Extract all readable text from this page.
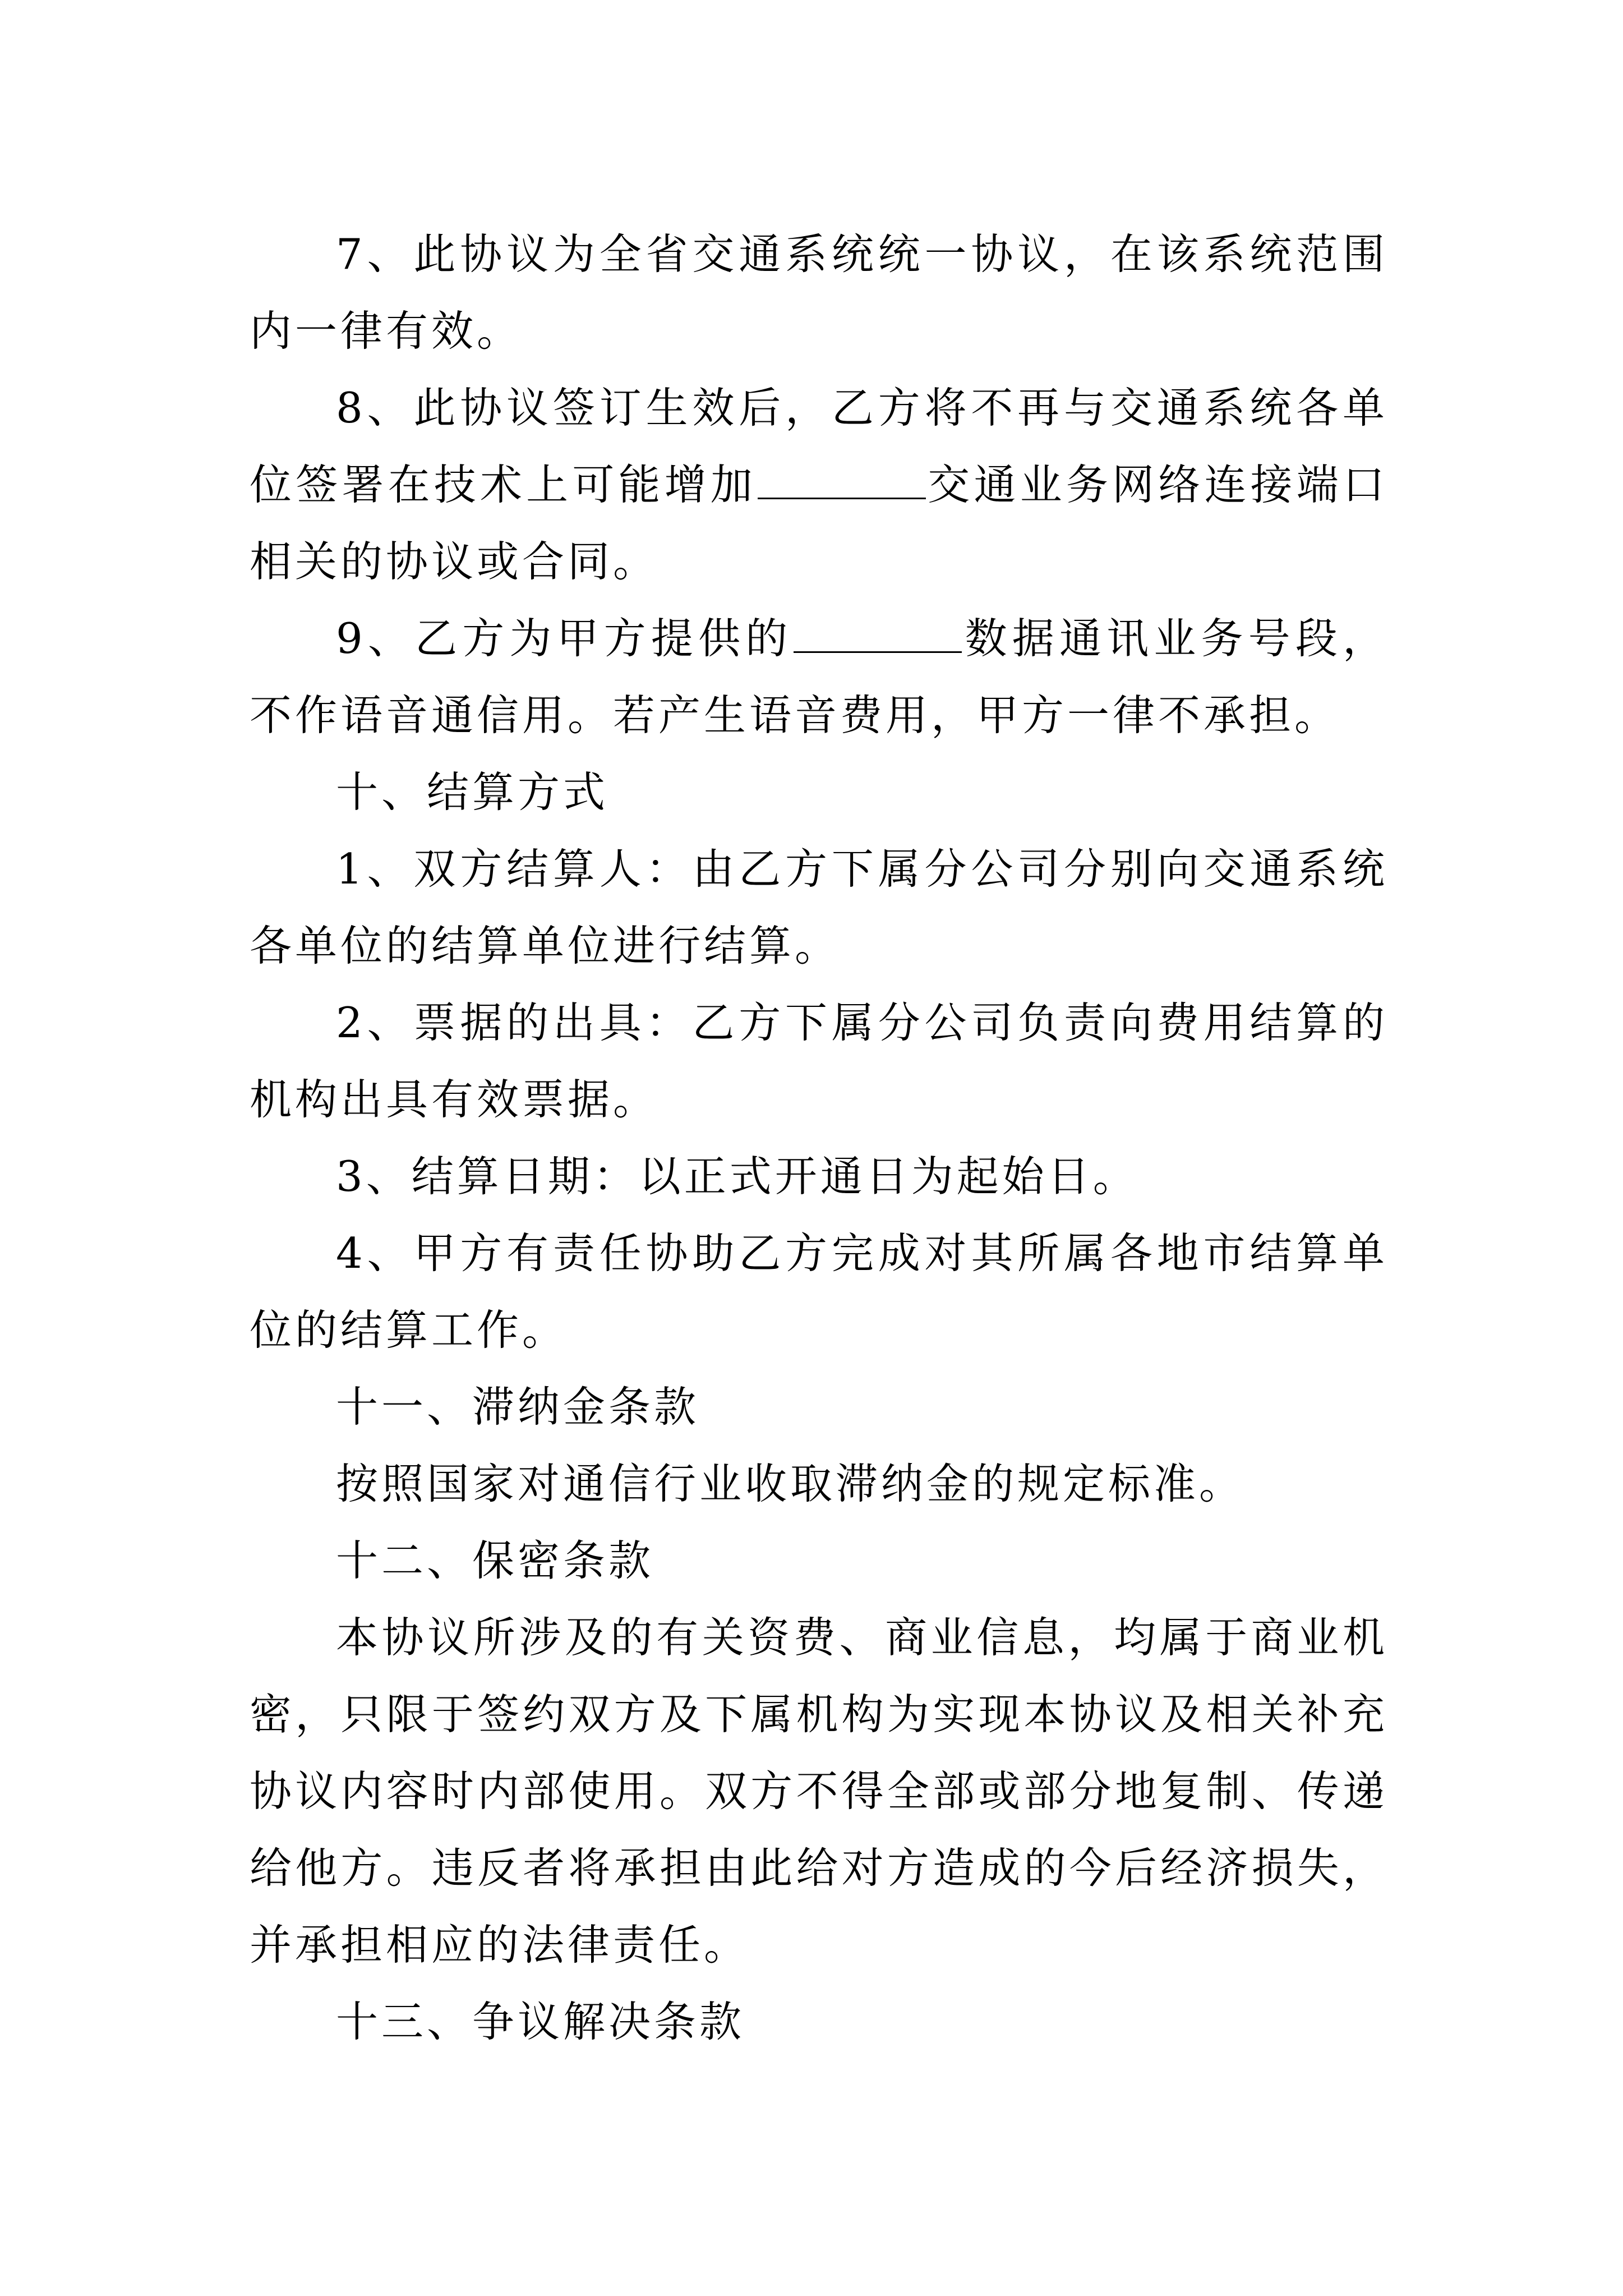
7、此协议为全省交通系统统一协议，在该系统范围内一律有效。

8、此协议签订生效后，乙方将不再与交通系统各单位签署在技术上可能增加	交通业务网络连接端口相关的协议或合同。

9、乙方为甲方提供的	数据通讯业务号段，不作语音通信用。若产生语音费用，甲方一律不承担。

十、结算方式

1、双方结算人：由乙方下属分公司分别向交通系统各单位的结算单位进行结算。

2、票据的出具：乙方下属分公司负责向费用结算的机构出具有效票据。

3、结算日期：以正式开通日为起始日。

4、甲方有责任协助乙方完成对其所属各地市结算单位的结算工作。

十一、滞纳金条款

按照国家对通信行业收取滞纳金的规定标准。

十二、保密条款

本协议所涉及的有关资费、商业信息，均属于商业机密，只限于签约双方及下属机构为实现本协议及相关补充协议内容时内部使用。双方不得全部或部分地复制、传递给他方。违反者将承担由此给对方造成的今后经济损失，并承担相应的法律责任。

十三、争议解决条款
